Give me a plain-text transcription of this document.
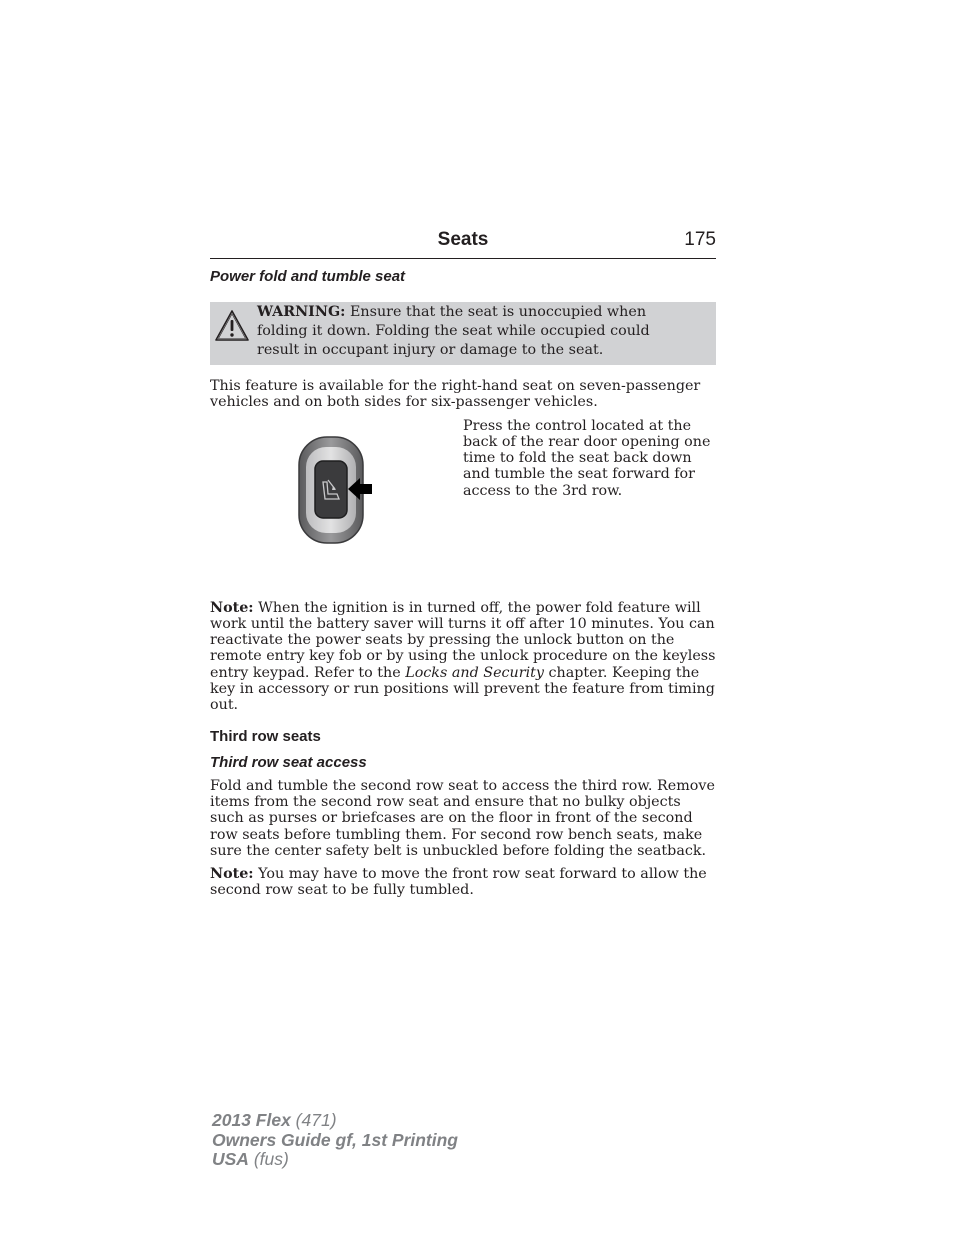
Seats	175
Power fold and tumble seat
WARNING: Ensure that the seat is unoccupied when folding it down. Folding the seat while occupied could result in occupant injury or damage to the seat.

This feature is available for the right-hand seat on seven-passenger vehicles and on both sides for six-passenger vehicles.

Press the control located at the back of the rear door opening one time to fold the seat back down and tumble the seat forward for access to the 3rd row.

Note: When the ignition is in turned off, the power fold feature will work until the battery saver will turns it off after 10 minutes. You can reactivate the power seats by pressing the unlock button on the remote entry key fob or by using the unlock procedure on the keyless entry keypad. Refer to the Locks and Security chapter. Keeping the key in accessory or run positions will prevent the feature from timing out.

Third row seats
Third row seat access

Fold and tumble the second row seat to access the third row. Remove items from the second row seat and ensure that no bulky objects such as purses or briefcases are on the floor in front of the second row seats before tumbling them. For second row bench seats, make sure the center safety belt is unbuckled before folding the seatback.

Note: You may have to move the front row seat forward to allow the second row seat to be fully tumbled.

2013 Flex (471)
Owners Guide gf, 1st Printing
USA (fus)
